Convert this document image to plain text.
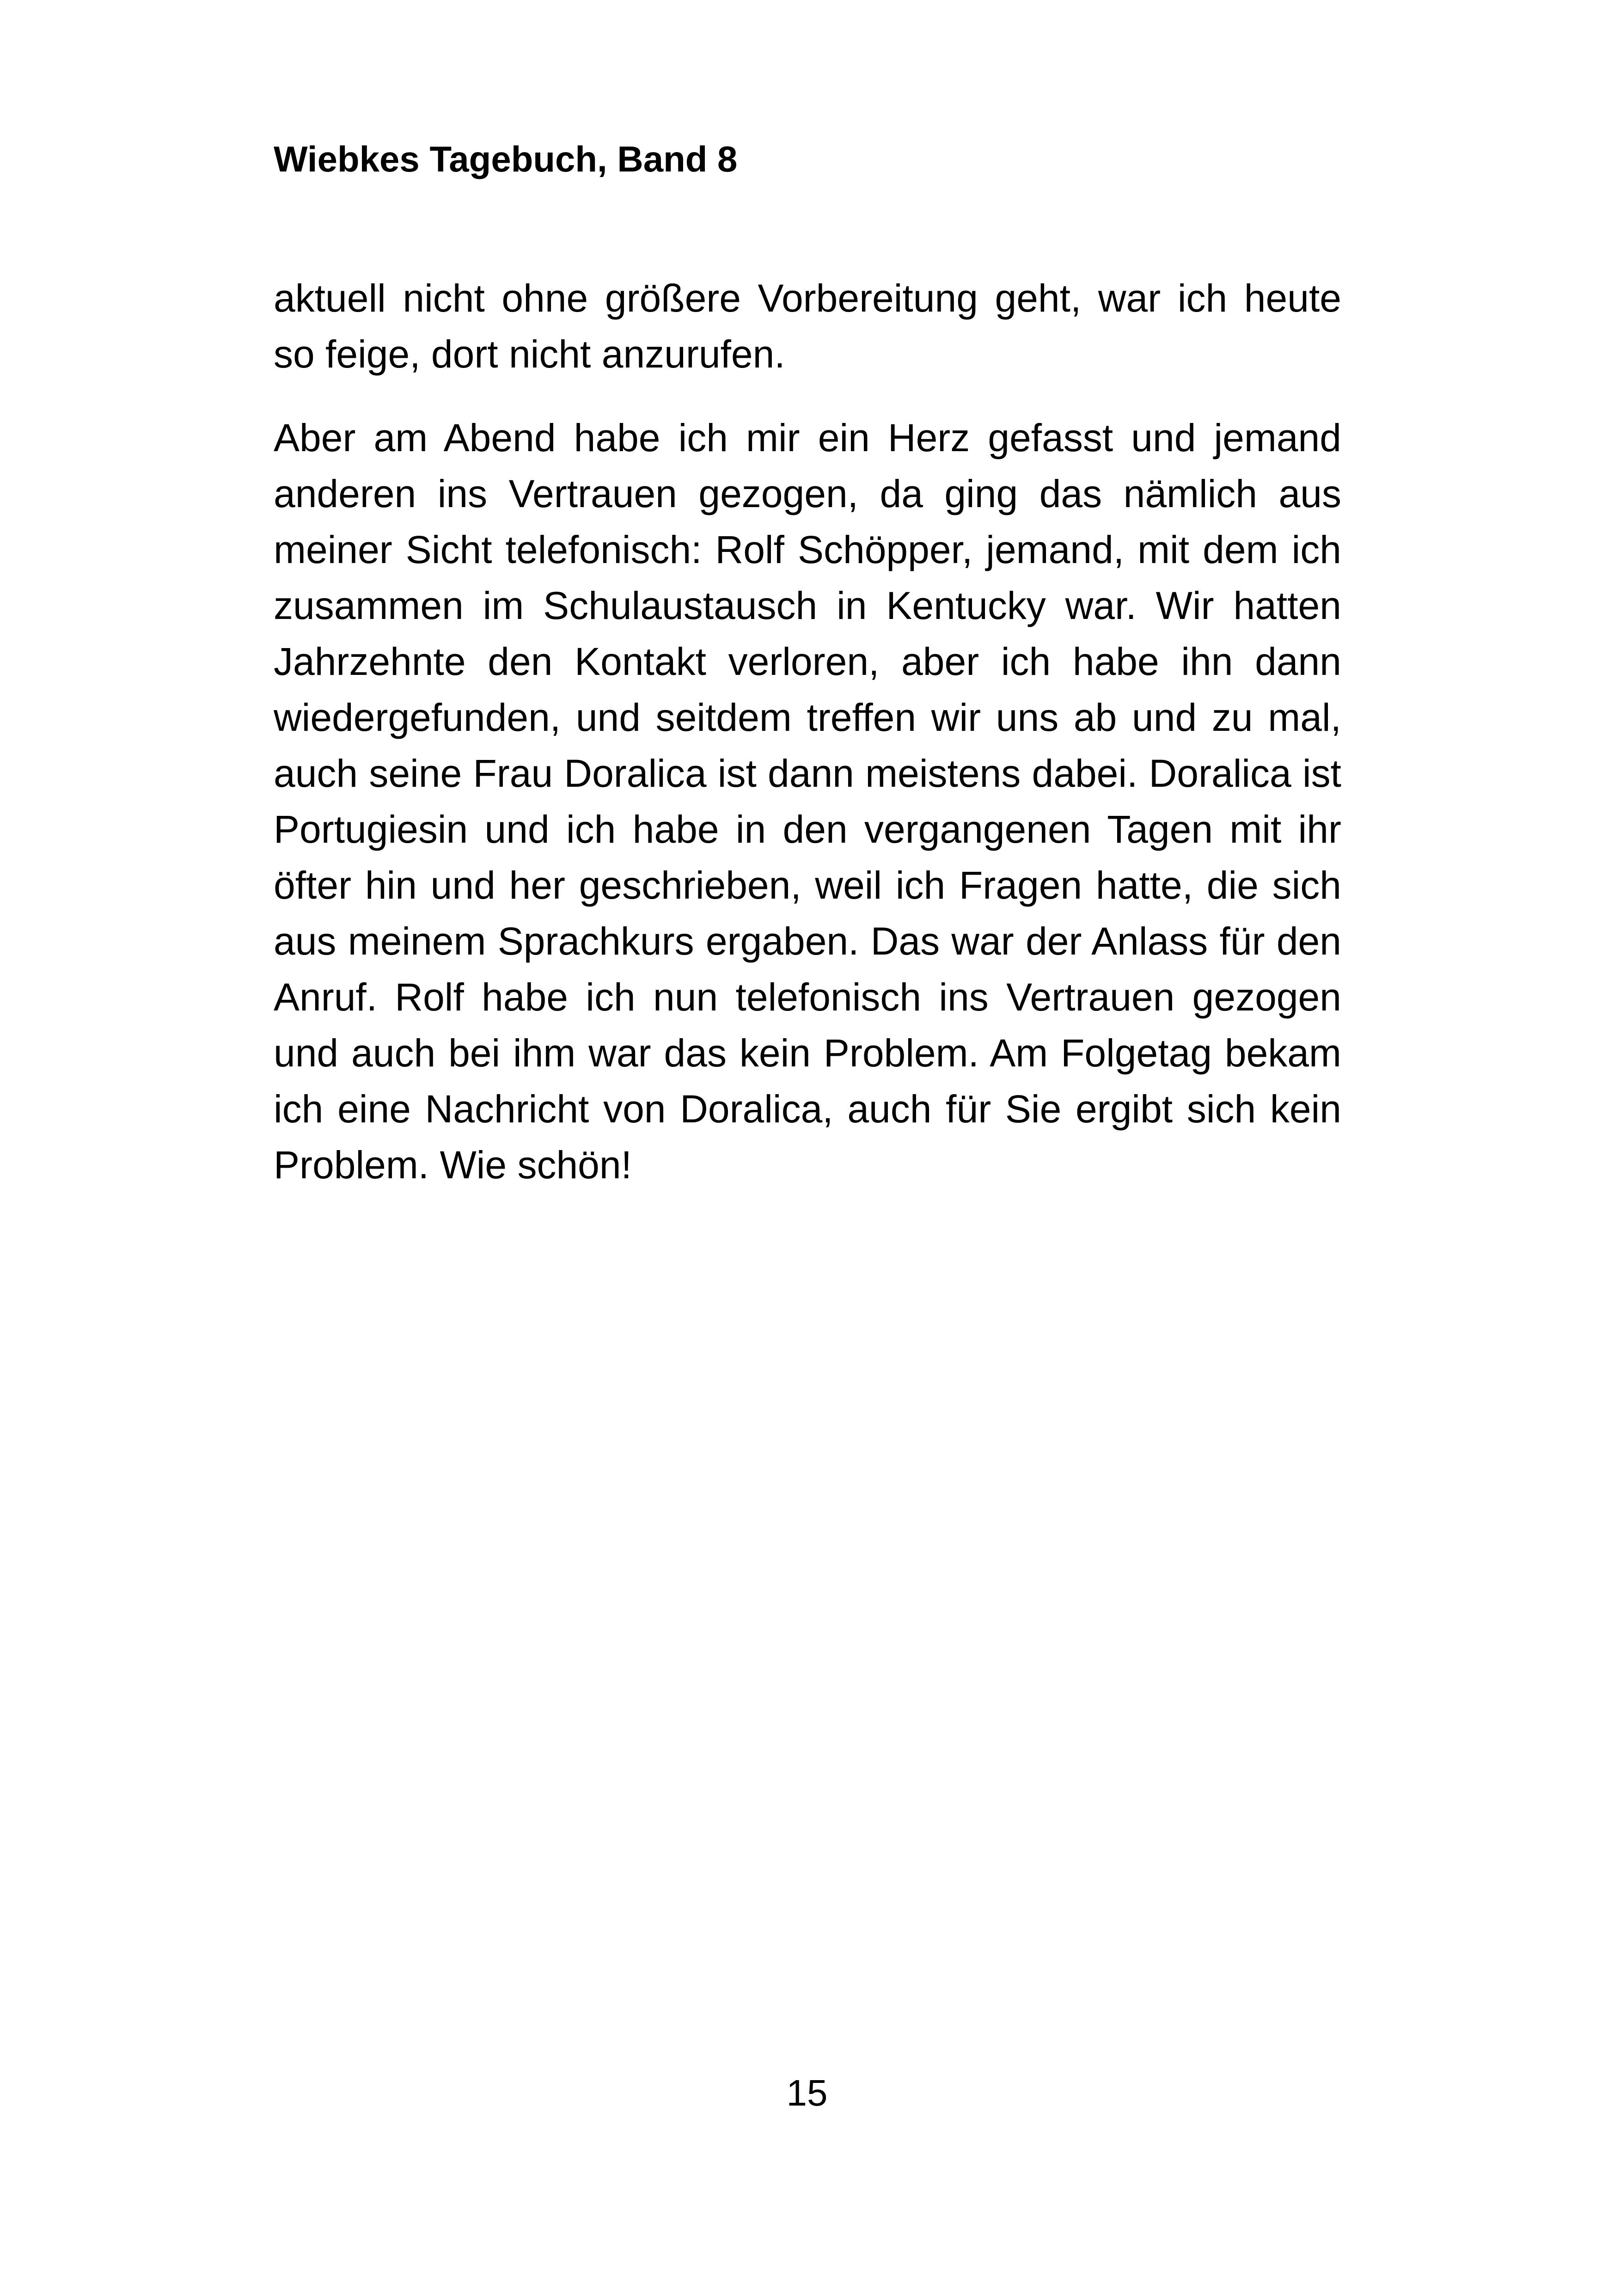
Wiebkes Tagebuch, Band 8

aktuell nicht ohne größere Vorbereitung geht, war ich heute so feige, dort nicht anzurufen.

Aber am Abend habe ich mir ein Herz gefasst und jemand anderen ins Vertrauen gezogen, da ging das nämlich aus meiner Sicht telefonisch: Rolf Schöpper, jemand, mit dem ich zusammen im Schulaustausch in Kentucky war. Wir hatten Jahrzehnte den Kontakt verloren, aber ich habe ihn dann wiedergefunden, und seitdem treffen wir uns ab und zu mal, auch seine Frau Doralica ist dann meistens dabei. Doralica ist Portugiesin und ich habe in den vergangenen Tagen mit ihr öfter hin und her geschrieben, weil ich Fragen hatte, die sich aus meinem Sprachkurs ergaben. Das war der Anlass für den Anruf. Rolf habe ich nun telefonisch ins Vertrauen gezogen und auch bei ihm war das kein Problem. Am Folgetag bekam ich eine Nachricht von Doralica, auch für Sie ergibt sich kein Problem. Wie schön!

15
